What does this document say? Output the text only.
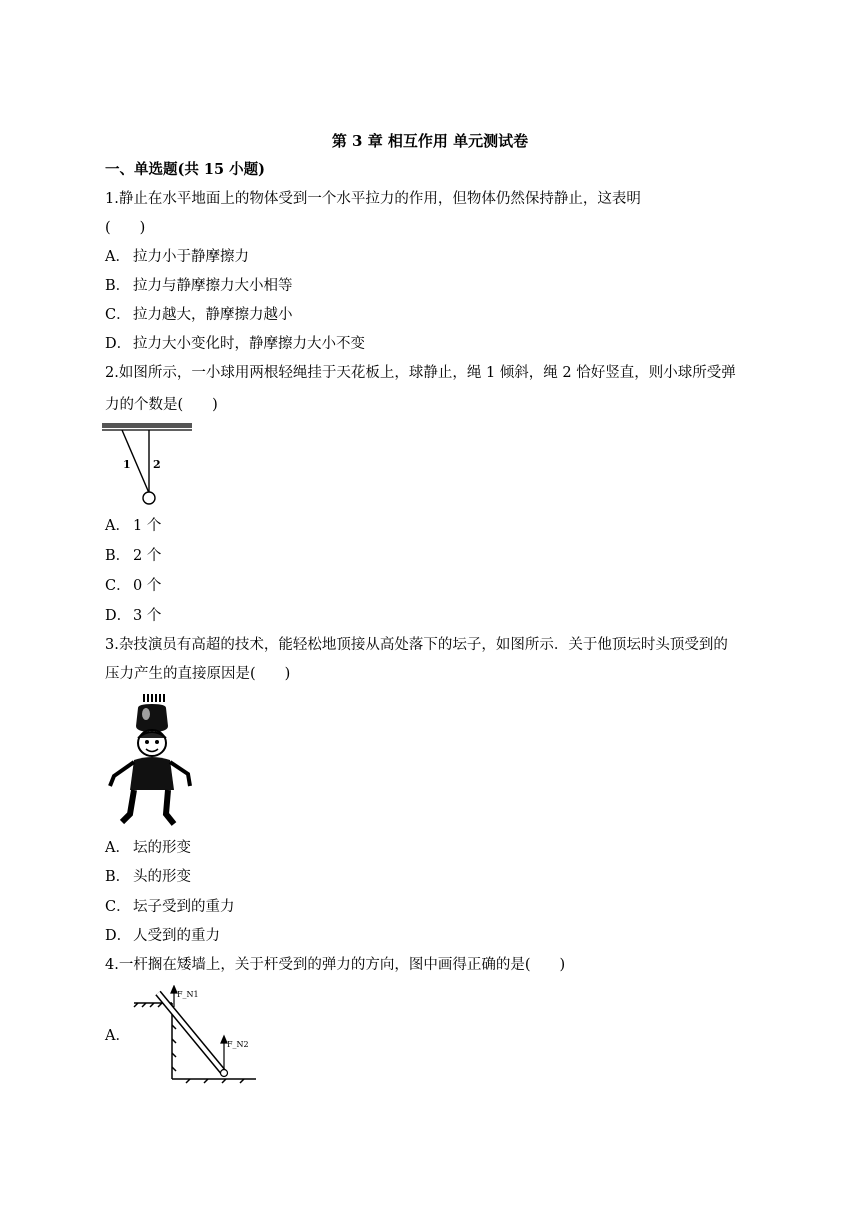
第 3 章 相互作用 单元测试卷
一、单选题(共 15 小题)
1.静止在水平地面上的物体受到一个水平拉力的作用，但物体仍然保持静止，这表明
(　　)
A． 拉力小于静摩擦力
B． 拉力与静摩擦力大小相等
C． 拉力越大，静摩擦力越小
D． 拉力大小变化时，静摩擦力大小不变
2.如图所示，一小球用两根轻绳挂于天花板上，球静止，绳 1 倾斜，绳 2 恰好竖直，则小球所受弹
力的个数是(　　)
1 2
A． 1 个
B． 2 个
C． 0 个
D． 3 个
3.杂技演员有高超的技术，能轻松地顶接从高处落下的坛子，如图所示．关于他顶坛时头顶受到的
压力产生的直接原因是(　　)
A． 坛的形变
B． 头的形变
C． 坛子受到的重力
D． 人受到的重力
4.一杆搁在矮墙上，关于杆受到的弹力的方向，图中画得正确的是(　　)
A．
F_N1
F_N2
